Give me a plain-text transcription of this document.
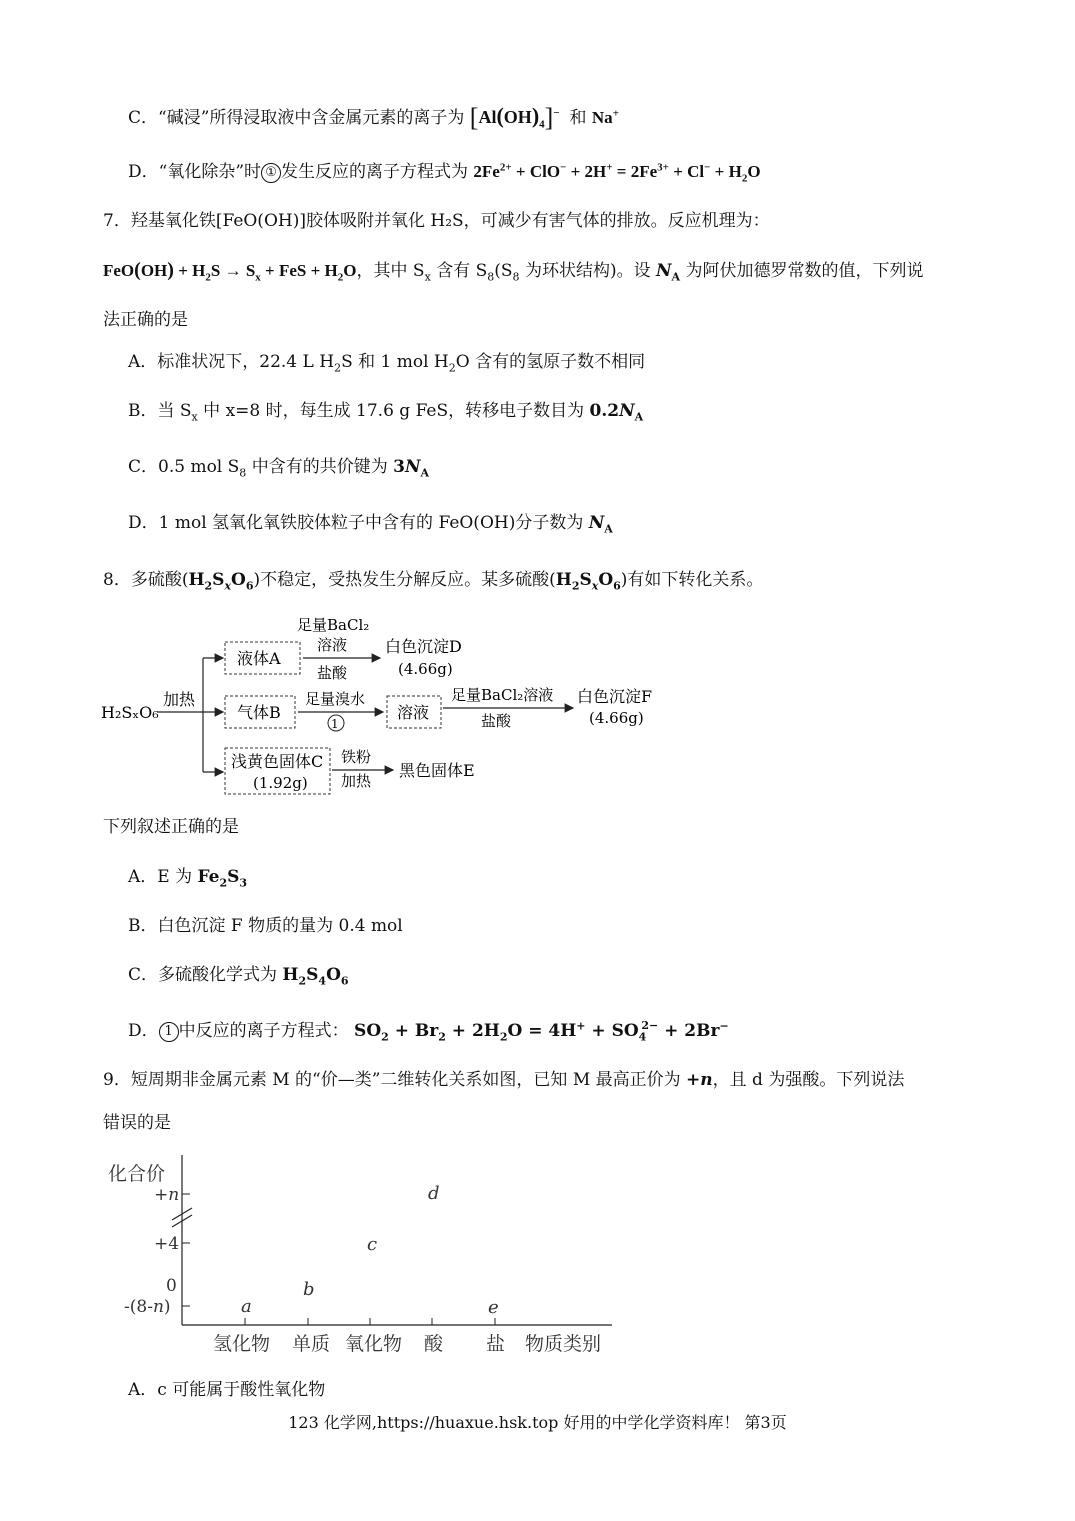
C．“碱浸”所得浸取液中含金属元素的离子为 $[Al(OH)_4]^-$  和 Na+
D．“氧化除杂”时 ① 发生反应的离子方程式为 $2Fe^{2+} + ClO^- + 2H^+ = 2Fe^{3+} + Cl^- + H_2O$
7．羟基氧化铁[FeO(OH)]胶体吸附并氧化 H₂S，可减少有害气体的排放。反应机理为：
$FeO(OH) + H_2S \to S_x$ + FeS + $H_2O$，其中 $S_x$ 含有 $S_8(S_8$ 为环状结构)。设 $N_A$ 为阿伏加德罗常数的值，下列说
法正确的是
A．标准状况下，22.4 L $H_2S$ 和 1 mol $H_2O$ 含有的氢原子数不相同
B．当 $S_x$ 中 x=8 时，每生成 17.6 g FeS，转移电子数目为 $0.2N_A$
C．0.5 mol $S_8$ 中含有的共价键为 $3N_A$
D．1 mol 氢氧化氧铁胶体粒子中含有的 FeO(OH)分子数为 $N_A$
8．多硫酸$(H_2S_xO_6)$不稳定，受热发生分解反应。某多硫酸$(H_2S_xO_6)$有如下转化关系。
H₂SₓO₆
加热
液体A
足量BaCl₂
溶液
盐酸
白色沉淀D
(4.66g)
气体B
足量溴水
1
溶液
足量BaCl₂溶液
盐酸
白色沉淀F
(4.66g)
浅黄色固体C
(1.92g)
铁粉
加热
黑色固体E
下列叙述正确的是
A．E 为 $Fe_2S_3$
B．白色沉淀 F 物质的量为 0.4 mol
C．多硫酸化学式为 $H_2S_4O_6$
D． 1 中反应的离子方程式： $SO_2 + Br_2 + 2H_2O = 4H^+ + SO_4^{2-} + 2Br^-$
9．短周期非金属元素 M 的“价—类”二维转化关系如图，已知 M 最高正价为 +n，且 d 为强酸。下列说法
错误的是
化合价
+n
+4
0
-(8-n)
氢化物 单质 氧化物 酸 盐 物质类别
a
b
c
d
e
A．c 可能属于酸性氧化物
123 化学网,https://huaxue.hsk.top 好用的中学化学资料库！ 第3页
